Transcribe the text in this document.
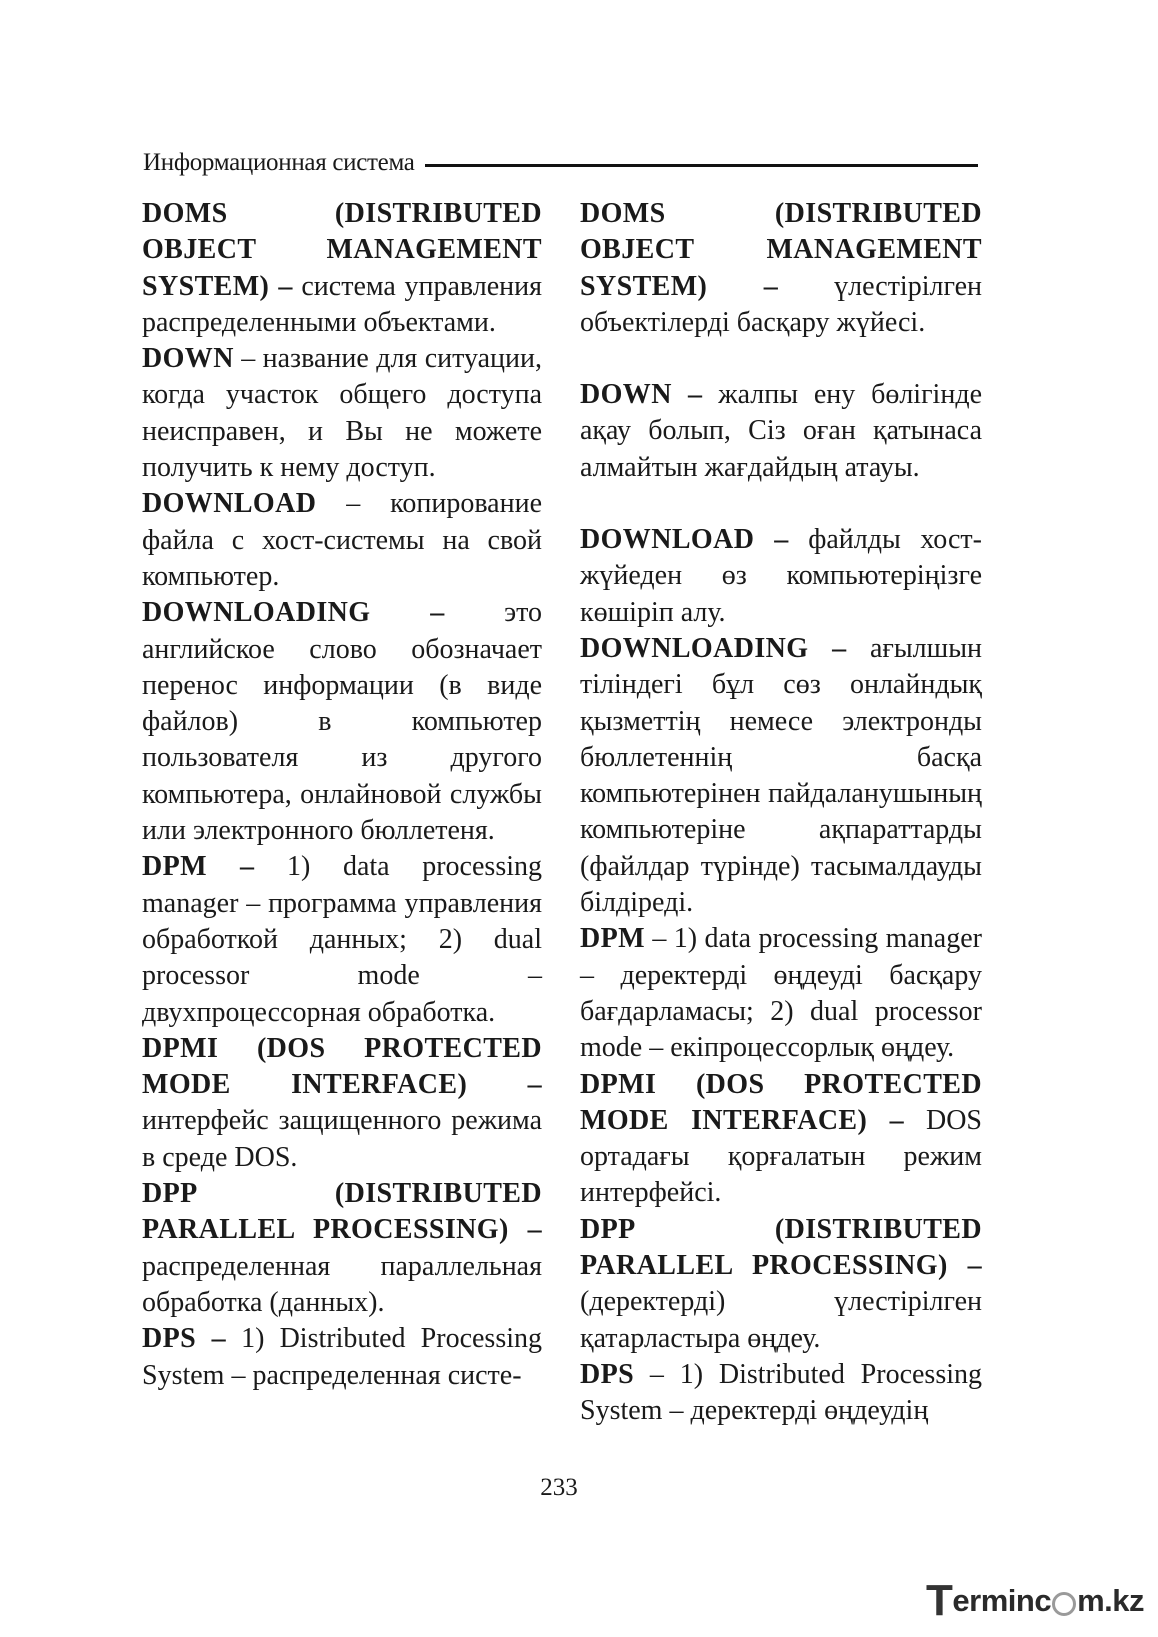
Информационная система

DOMS (DISTRIBUTED OBJECT MANAGEMENT SYSTEM) – система управления распределенными объектами.

DOWN – название для ситуации, когда участок общего доступа неисправен, и Вы не можете получить к нему доступ.

DOWNLOAD – копирование файла с хост-системы на свой компьютер.

DOWNLOADING – это английское слово обозначает перенос информации (в виде файлов) в компьютер пользователя из другого компьютера, онлайновой службы или электронного бюллетеня.

DPM – 1) data processing manager – программа управления обработкой данных; 2) dual processor mode – двухпроцессорная обработка.

DPMI (DOS PROTECTED MODE INTERFACE) – интерфейс защищенного режима в среде DOS.

DPP (DISTRIBUTED PARALLEL PROCESSING) – распределенная параллельная обработка (данных).

DPS – 1) Distributed Processing System – распределенная систе-

DOMS (DISTRIBUTED OBJECT MANAGEMENT SYSTEM) – үлестірілген объектілерді басқару жүйесі.

DOWN – жалпы ену бөлігінде ақау болып, Сіз оған қатынаса алмайтын жағдайдың атауы.

DOWNLOAD – файлды хост-жүйеден өз компьютеріңізге көшіріп алу.

DOWNLOADING – ағылшын тіліндегі бұл сөз онлайндық қызметтің немесе электронды бюллетеннің басқа компьютерінен пайдаланушының компьютеріне ақпараттарды (файлдар түрінде) тасымалдауды білдіреді.

DPM – 1) data processing manager – деректерді өңдеуді басқару бағдарламасы; 2) dual processor mode – екіпроцессорлық өңдеу.

DPMI (DOS PROTECTED MODE INTERFACE) – DOS ортадағы қорғалатын режим интерфейсі.

DPP (DISTRIBUTED PARALLEL PROCESSING) – (деректерді) үлестірілген қатарластыра өңдеу.

DPS – 1) Distributed Processing System – деректерді өңдеудің

233
T erminc m.kz
